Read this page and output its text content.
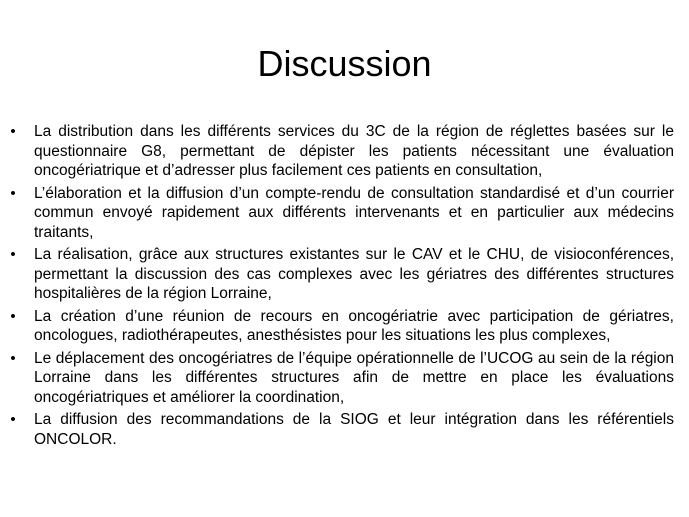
Discussion
• La distribution dans les différents services du 3C de la région de réglettes basées sur le questionnaire G8, permettant de dépister les patients nécessitant une évaluation oncogériatrique et d’adresser plus facilement ces patients en consultation,
• L’élaboration et la diffusion d’un compte-rendu de consultation standardisé et d’un courrier commun envoyé rapidement aux différents intervenants et en particulier aux médecins traitants,
• La réalisation, grâce aux structures existantes sur le CAV et le CHU, de visioconférences, permettant la discussion des cas complexes avec les gériatres des différentes structures hospitalières de la région Lorraine,
• La création d’une réunion de recours en oncogériatrie avec participation de gériatres, oncologues, radiothérapeutes, anesthésistes pour les situations les plus complexes,
• Le déplacement des oncogériatres de l’équipe opérationnelle de l’UCOG au sein de la région Lorraine dans les différentes structures afin de mettre en place les évaluations oncogériatriques et améliorer la coordination,
• La diffusion des recommandations de la SIOG et leur intégration dans les référentiels ONCOLOR.
